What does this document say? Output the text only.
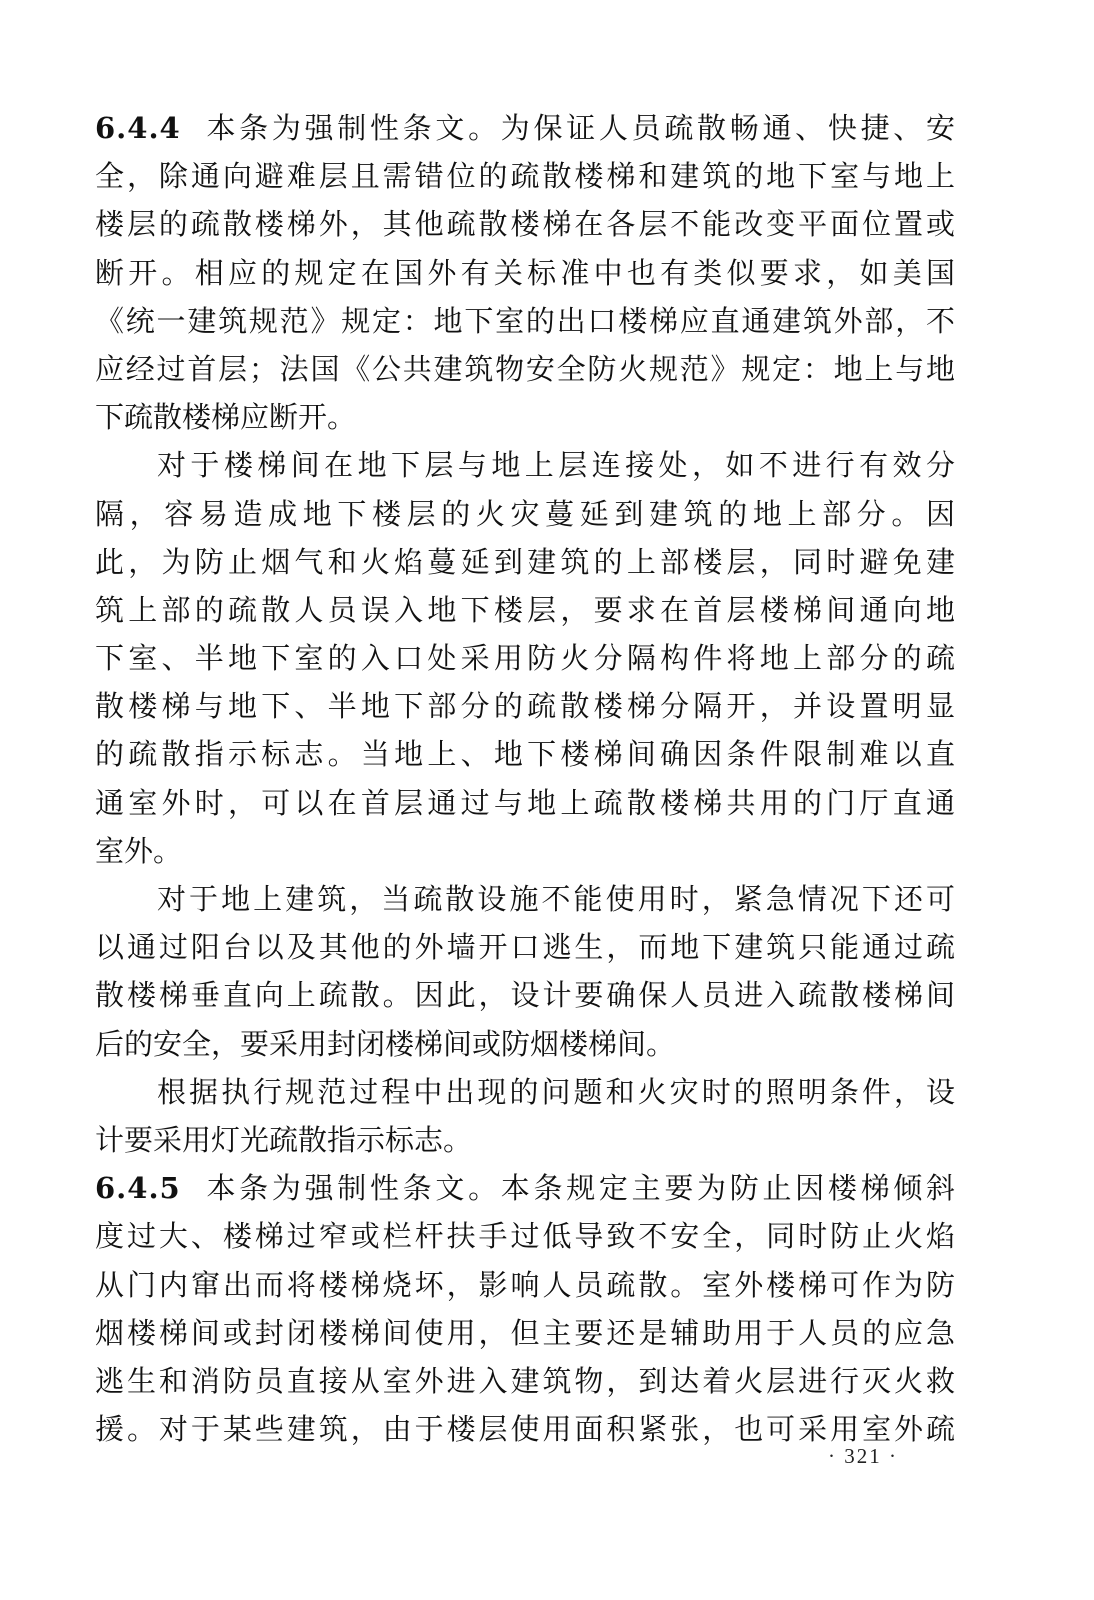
6.4.4 本条为强制性条文。为保证人员疏散畅通、快捷、安
全，除通向避难层且需错位的疏散楼梯和建筑的地下室与地上
楼层的疏散楼梯外，其他疏散楼梯在各层不能改变平面位置或
断开。相应的规定在国外有关标准中也有类似要求，如美国
《统一建筑规范》规定：地下室的出口楼梯应直通建筑外部，不
应经过首层；法国《公共建筑物安全防火规范》规定：地上与地
下疏散楼梯应断开。
对于楼梯间在地下层与地上层连接处，如不进行有效分
隔，容易造成地下楼层的火灾蔓延到建筑的地上部分。因
此，为防止烟气和火焰蔓延到建筑的上部楼层，同时避免建
筑上部的疏散人员误入地下楼层，要求在首层楼梯间通向地
下室、半地下室的入口处采用防火分隔构件将地上部分的疏
散楼梯与地下、半地下部分的疏散楼梯分隔开，并设置明显
的疏散指示标志。当地上、地下楼梯间确因条件限制难以直
通室外时，可以在首层通过与地上疏散楼梯共用的门厅直通
室外。
对于地上建筑，当疏散设施不能使用时，紧急情况下还可
以通过阳台以及其他的外墙开口逃生，而地下建筑只能通过疏
散楼梯垂直向上疏散。因此，设计要确保人员进入疏散楼梯间
后的安全，要采用封闭楼梯间或防烟楼梯间。
根据执行规范过程中出现的问题和火灾时的照明条件，设
计要采用灯光疏散指示标志。
6.4.5 本条为强制性条文。本条规定主要为防止因楼梯倾斜
度过大、楼梯过窄或栏杆扶手过低导致不安全，同时防止火焰
从门内窜出而将楼梯烧坏，影响人员疏散。室外楼梯可作为防
烟楼梯间或封闭楼梯间使用，但主要还是辅助用于人员的应急
逃生和消防员直接从室外进入建筑物，到达着火层进行灭火救
援。对于某些建筑，由于楼层使用面积紧张，也可采用室外疏
· 321 ·
